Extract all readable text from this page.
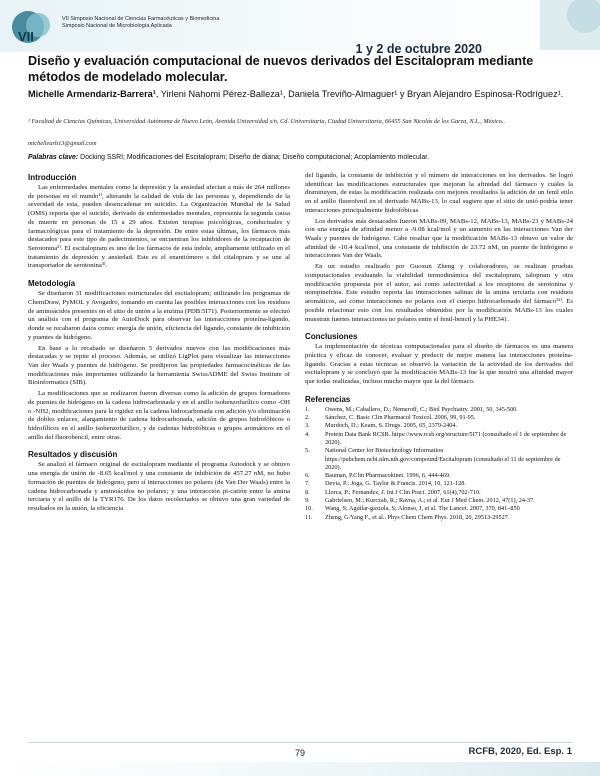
VII
VII Simposio Nacional de Ciencias Farmacéuticas y Biomedicina
Simposio Nacional de Microbiología Aplicada
1 y 2 de octubre 2020
Diseño y evaluación computacional de nuevos derivados del Escitalopram mediante métodos de modelado molecular.
Michelle Armendariz-Barrera¹, Yirleni Nahomi Pérez-Balleza¹, Daniela Treviño-Almaguer¹ y Bryan Alejandro Espinosa-Rodríguez¹.
¹ Facultad de Ciencias Químicas, Universidad Autónoma de Nuevo León, Avenida Universidad s/n, Cd. Universitaria, Ciudad Universitaria, 66455 San Nicolás de los Garza, N.L., México..
michellearb13@gmail.com
Palabras clave: Docking SSRI; Modificaciones del Escitalopram; Diseño de diana; Diseño computacional; Acoplamiento molecular.
Introducción

Las enfermedades mentales como la depresión y la ansiedad afectan a más de 264 millones de personas en el mundo¹⁾, alterando la calidad de vida de las personas y, dependiendo de la severidad de esta, pueden desencadenar en suicidio. La Organización Mundial de la Salud (OMS) reporta que el suicido, derivado de enfermedades mentales, representa la segunda causa de muerte en personas de 15 a 29 años. Existen terapias psicológicas, conductuales y farmacológicas para el tratamiento de la depresión. De entre estas últimas, los fármacos más destacados para este tipo de padecimientos, se encuentran los inhibidores de la recaptación de Serotonina²⁾. El escitalopram es uno de los fármacos de esta índole, ampliamente utilizado en el tratamiento de depresión y ansiedad. Este es el enantiómero s del citalopram y se une al transportador de serotonina³⁾.

Metodología

Se diseñaron 31 modificaciones estructurales del escitalopram; utilizando los programas de ChemDraw, PyMOL y Avogadro, tomando en cuenta las posibles interacciones con los residuos de aminoácidos presentes en el sitio de unión a la enzima (PDB:5I71). Posteriormente se efectuó un análisis con el programa de AutoDock para observar las interacciones proteína-ligando, donde se recabaron datos como: energía de unión, eficiencia del ligando, constante de inhibición y puentes de hidrógeno.

En base a lo recabado se diseñaron 5 derivados nuevos con las modificaciones más destacadas y se repite el proceso. Además, se utilizó LigPlot para visualizar las interacciones Van der Waals y puentes de hidrógeno. Se predijeron las propiedades farmacocinéticas de las modificaciones más importantes utilizando la herramienta SwissADME del Swiss Institute of Bioinformatics (SIB).

La modificaciones que se realizaron fueron diversas como la adición de grupos formadores de puentes de hidrógeno en la cadena hidrocarbonada y en el anillo isobenzofurílico como -OH o -NH2, modificaciones para la rigidez en la cadena hidrocarbonada con adición y/o eliminación de dobles enlaces, alargamiento de cadena hidrocarbonada, adición de grupos hidrofóbicos o hidrofílicos en el anillo isobenzofurílico, y de cadenas hidrofóbicas o grupos aromáticos en el anillo del fluorobencil, entre otras.

Resultados y discusión

Se analizó el fármaco original de escitalopram mediante el programa Autodock y se obtuvo una energía de unión de -8.65 kcal/mol y una constante de inhibición de 457.27 nM, no hubo formación de puentes de hidrógeno, pero sí interacciones no polares (de Van Der Waals) entre la cadena hidrocarbonada y aminoácidos no polares; y una interacción pi-catión entre la amina terciaria y el anillo de la TYR176. De los datos recolectados se obtuvo una gran variedad de resultados en la unión, la eficiencia

del ligando, la constante de inhibición y el número de interacciones en los derivados. Se logró identificar las modificaciones estructurales que mejoran la afinidad del fármaco y cuáles la disminuyen, de estas la modificación realizada con mejores resultados la adición de un fenil etilo en el anillo fluorofenil en el derivado MABs-13, lo cual sugiere que el sitio de unió podría tener interacciones principalmente hidrofóbicas

Los derivados más destacados fueron MABs-09, MABs-12, MABs-13, MABs-23 y MABs-24 con una energía de afinidad menor a -9.08 kcal/mol y un aumento en las interacciones Van der Waals y puentes de hidrógeno. Cabe resaltar que la modificación MABs-13 obtuvo un valor de afinidad de -10.4 kcal/mol, una constante de inhibición de 23.72 nM, un puente de hidrógeno e interacciones Van der Waals.

En un estudio realizado por Guoxun Zheng y colaboradores, se realizan pruebas computacionales evaluando la viabilidad termodinámica del escitalopram, talopram y otra modificación propuesta por el autor, así como selectividad a los receptores de serotonina y norepinefrina. Este estudio reporta las interacciones salinas de la amina terciaria con residuos aromáticos, así como interacciones no polares con el cuerpo hidrocarbonado del fármaco¹¹⁾. Es posible relacionar esto con los resultados obtenidos por la modificación MABs-13 los cuales muestran fuertes interacciones no polares entre el fenil-bencil y la PHE341.

Conclusiones

La implementación de técnicas computacionales para el diseño de fármacos es una manera práctica y eficaz de conocer, evaluar y predecir de mejor manera las interacciones proteína-ligando. Gracias a estas técnicas se observó la variación de la actividad de los derivados del escitalopram y se concluyó que la modificación MABs-13 fue la que mostró una afinidad mayor que todas realizadas, incluso mucho mayor que la del fármaco.

Referencias
1. Owens, M.; Caballero, D.; Nemeroff, C.; Biol Psychiatry. 2001, 50, 345-500.
2. Sánchez, C. Basic Clin Pharmacol Toxicol. 2006, 99, 91-95.
3. Murdoch, D.; Keam, S. Drugs. 2005, 65, 2379-2404.
4. Protein Data Bank RCSB. https://www.rcsb.org/structure/5I71 (consultado el 1 de septiembre de 2020).
5. National Center for Biotechnology Information https://pubchem.ncbi.nlm.nih.gov/compound/Escitalopram (consultado el 11 de septiembre de 2020).
6. Bauman, P.Clin Pharmacokinet. 1996, 6, 444-469.
7. Devia, P.; Joga, G. Taylor & Francis. 2014, 10, 121-128.
8. Llorca, P.; Fernandez, J. Int J Clin Pract. 2007, 61(4),702-710.
9. Gabrielsen, M.; Kurczab, R.; Ravna, A.; et al. Eur J Med Chem. 2012, 47(1), 24-37.
10. Wang, S; Aguilar-gaxiola, S; Alonso, J, et al. The Lancet. 2007, 370, 841–850
11. Zheng, G.Yang F., et al.. Phys Chem Chem Phys. 2018, 20, 29513-29527.
79	RCFB, 2020, Ed. Esp. 1
